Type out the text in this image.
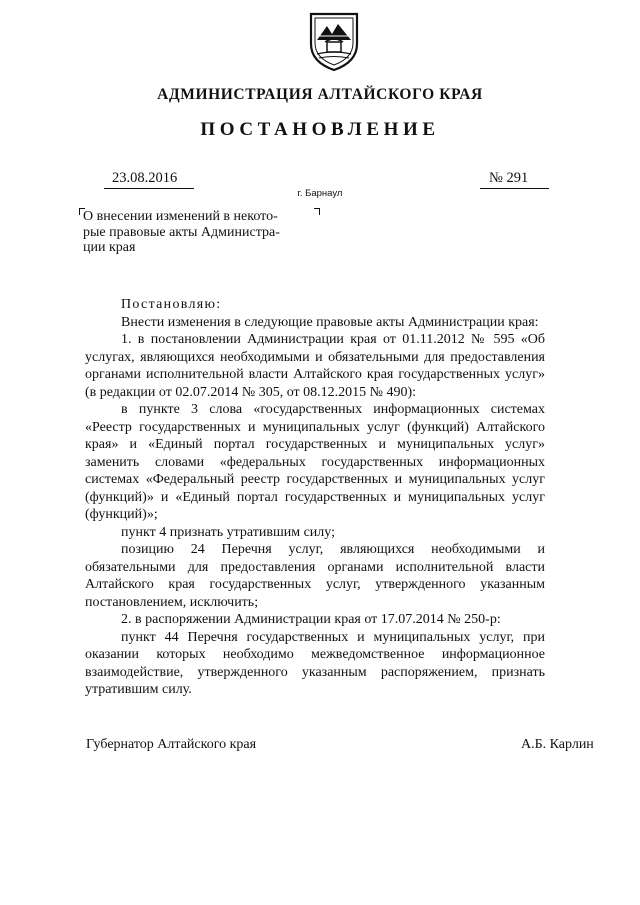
АДМИНИСТРАЦИЯ АЛТАЙСКОГО КРАЯ
ПОСТАНОВЛЕНИЕ
23.08.2016	№ 291
г. Барнаул
О внесении изменений в некото-
рые правовые акты Администра-
ции края

Постановляю:

Внести изменения в следующие правовые акты Администрации края:

1. в постановлении Администрации края от 01.11.2012 № 595 «Об услугах, являющихся необходимыми и обязательными для предоставления органами исполнительной власти Алтайского края государственных услуг» (в редакции от 02.07.2014 № 305, от 08.12.2015 № 490):

в пункте 3 слова «государственных информационных системах «Реестр государственных и муниципальных услуг (функций) Алтайского края» и «Единый портал государственных и муниципальных услуг» заменить словами «федеральных государственных информационных системах «Федеральный реестр государственных и муниципальных услуг (функций)» и «Единый портал государственных и муниципальных услуг (функций)»;

пункт 4 признать утратившим силу;

позицию 24 Перечня услуг, являющихся необходимыми и обязательными для предоставления органами исполнительной власти Алтайского края государственных услуг, утвержденного указанным постановлением, исключить;

2. в распоряжении Администрации края от 17.07.2014 № 250-р:

пункт 44 Перечня государственных и муниципальных услуг, при оказании которых необходимо межведомственное информационное взаимодействие, утвержденного указанным распоряжением, признать утратившим силу.

Губернатор Алтайского края	А.Б. Карлин
